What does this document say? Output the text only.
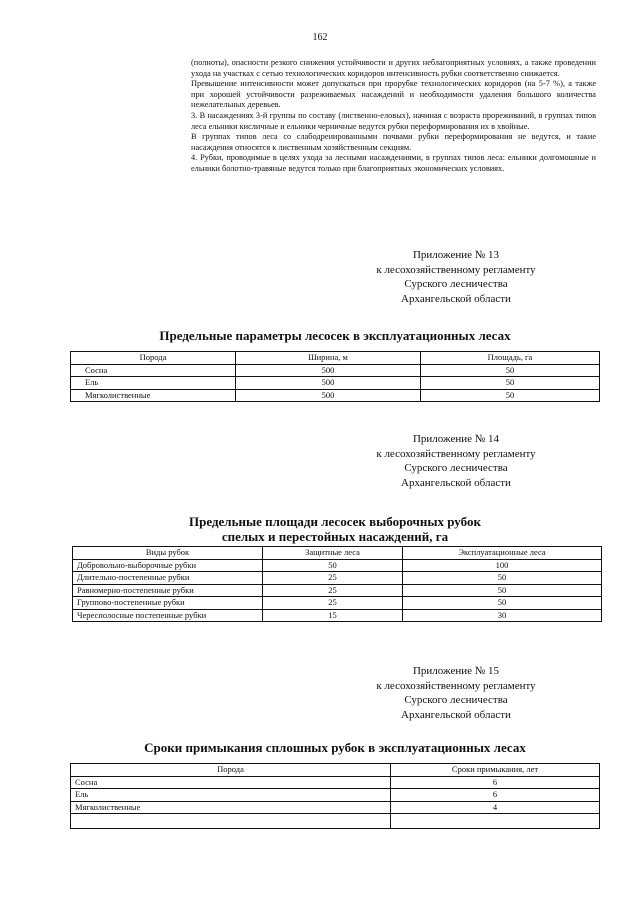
162

(полноты), опасности резкого снижения устойчивости и других неблагоприятных условиях, а также проведении ухода на участках с сетью технологических коридоров интенсивность рубки соответственно снижается.

Превышение интенсивности может допускаться при прорубке технологических коридоров (на 5-7 %), а также при хорошей устойчивости разреживаемых насаждений и необходимости удаления большого количества нежелательных деревьев.

3. В насаждениях 3-й группы по составу (лиственно-еловых), начиная с возраста прореживаний, в группах типов леса ельники кисличные и ельники черничные ведутся рубки переформирования их в хвойные.

В группах типов леса со слабодренированными почвами рубки переформирования не ведутся, и такие насаждения относятся к лиственным хозяйственным секциям.

4. Рубки, проводимые в целях ухода за лесными насаждениями, в группах типов леса: ельники долгомошные и ельники болотно-травяные ведутся только при благоприятных экономических условиях.

Приложение № 13
к лесохозяйственному регламенту
Сурского лесничества
Архангельской области
Предельные параметры лесосек в эксплуатационных лесах
Порода	Ширина, м	Площадь, га
Сосна	500	50
Ель	500	50
Мягколиственные	500	50
Приложение № 14
к лесохозяйственному регламенту
Сурского лесничества
Архангельской области
Предельные площади лесосек выборочных рубок
спелых и перестойных насаждений, га
Виды рубок	Защитные леса	Эксплуатационные леса
Добровольно-выборочные рубки	50	100
Длительно-постепенные рубки	25	50
Равномерно-постепенные рубки	25	50
Группово-постепенные рубки	25	50
Чересполосные постепенные рубки	15	30
Приложение № 15
к лесохозяйственному регламенту
Сурского лесничества
Архангельской области
Сроки примыкания сплошных рубок в эксплуатационных лесах
Порода	Сроки примыкания, лет
Сосна	6
Ель	6
Мягколиственные	4
